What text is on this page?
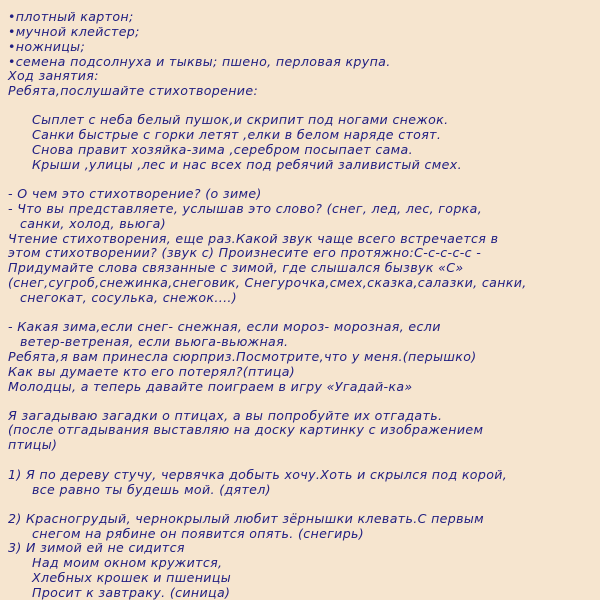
•плотный картон;
•мучной клейстер;
•ножницы;
•семена подсолнуха и тыквы; пшено, перловая крупа.
Ход занятия:
Ребята,послушайте стихотворение:
Сыплет с неба белый пушок,и скрипит под ногами снежок.
Санки быстрые с горки летят ,елки в белом наряде стоят.
Снова правит хозяйка-зима ,серебром посыпает сама.
Крыши ,улицы ,лес и нас всех под ребячий заливистый смех.
- О чем это стихотворение? (о зиме)
- Что вы представляете, услышав это слово? (снег, лед, лес, горка,
санки, холод, вьюга)
Чтение стихотворения, еще раз.Какой звук чаще всего встречается в
этом стихотворении? (звук с) Произнесите его протяжно:С-с-с-с-с -
Придумайте слова связанные с зимой, где слышался бызвук «С»
(снег,сугроб,снежинка,снеговик, Снегурочка,смех,сказка,салазки, санки,
снегокат, сосулька, снежок....)
- Какая зима,если снег- снежная, если мороз- морозная, если
ветер-ветреная, если вьюга-вьюжная.
Ребята,я вам принесла сюрприз.Посмотрите,что у меня.(перышко)
Как вы думаете кто его потерял?(птица)
Молодцы, а теперь давайте поиграем в игру «Угадай-ка»
Я загадываю загадки о птицах, а вы попробуйте их отгадать.
(после отгадывания выставляю на доску картинку с изображением
птицы)
1) Я по дереву стучу, червячка добыть хочу.Хоть и скрылся под корой,
все равно ты будешь мой. (дятел)
2) Красногрудый, чернокрылый любит зёрнышки клевать.С первым
снегом на рябине он появится опять. (снегирь)
3) И зимой ей не сидится
Над моим окном кружится,
Хлебных крошек и пшеницы
Просит к завтраку. (синица)
